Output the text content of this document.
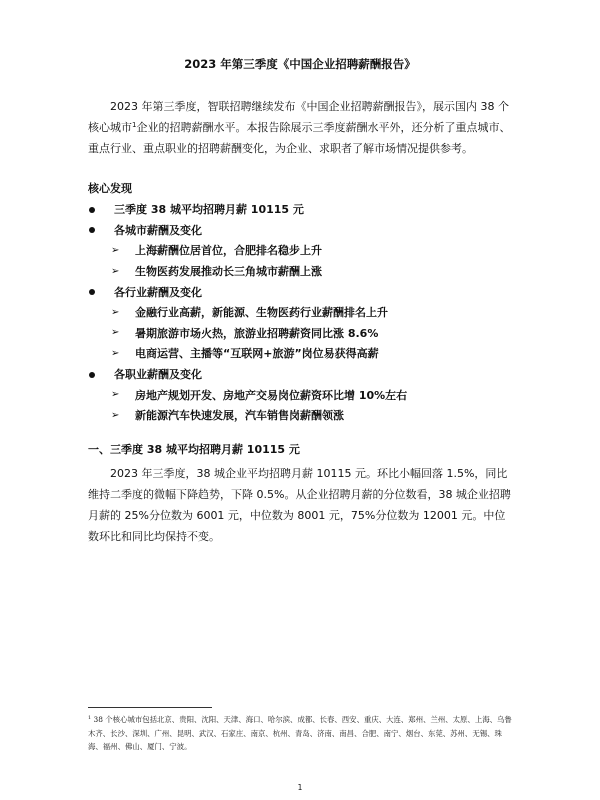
2023 年第三季度《中国企业招聘薪酬报告》

2023 年第三季度，智联招聘继续发布《中国企业招聘薪酬报告》，展示国内 38 个核心城市$^1$企业的招聘薪酬水平。本报告除展示三季度薪酬水平外，还分析了重点城市、重点行业、重点职业的招聘薪酬变化，为企业、求职者了解市场情况提供参考。

核心发现
三季度 38 城平均招聘月薪 10115 元
各城市薪酬及变化
➢	上海薪酬位居首位，合肥排名稳步上升
➢	生物医药发展推动长三角城市薪酬上涨
各行业薪酬及变化
➢	金融行业高薪，新能源、生物医药行业薪酬排名上升
➢	暑期旅游市场火热，旅游业招聘薪资同比涨 8.6%
➢	电商运营、主播等“互联网+旅游”岗位易获得高薪
各职业薪酬及变化
➢	房地产规划开发、房地产交易岗位薪资环比增 10%左右
➢	新能源汽车快速发展，汽车销售岗薪酬领涨
一、三季度 38 城平均招聘月薪 10115 元

2023 年三季度，38 城企业平均招聘月薪 10115 元。环比小幅回落 1.5%，同比维持二季度的微幅下降趋势，下降 0.5%。从企业招聘月薪的分位数看，38 城企业招聘月薪的 25%分位数为 6001 元，中位数为 8001 元，75%分位数为 12001 元。中位数环比和同比均保持不变。

$^1$ 38 个核心城市包括北京、贵阳、沈阳、天津、海口、哈尔滨、成都、长春、西安、重庆、大连、郑州、兰州、太原、上海、乌鲁木齐、长沙、深圳、广州、昆明、武汉、石家庄、南京、杭州、青岛、济南、南昌、合肥、南宁、烟台、东莞、苏州、无锡、珠海、福州、佛山、厦门、宁波。
1
